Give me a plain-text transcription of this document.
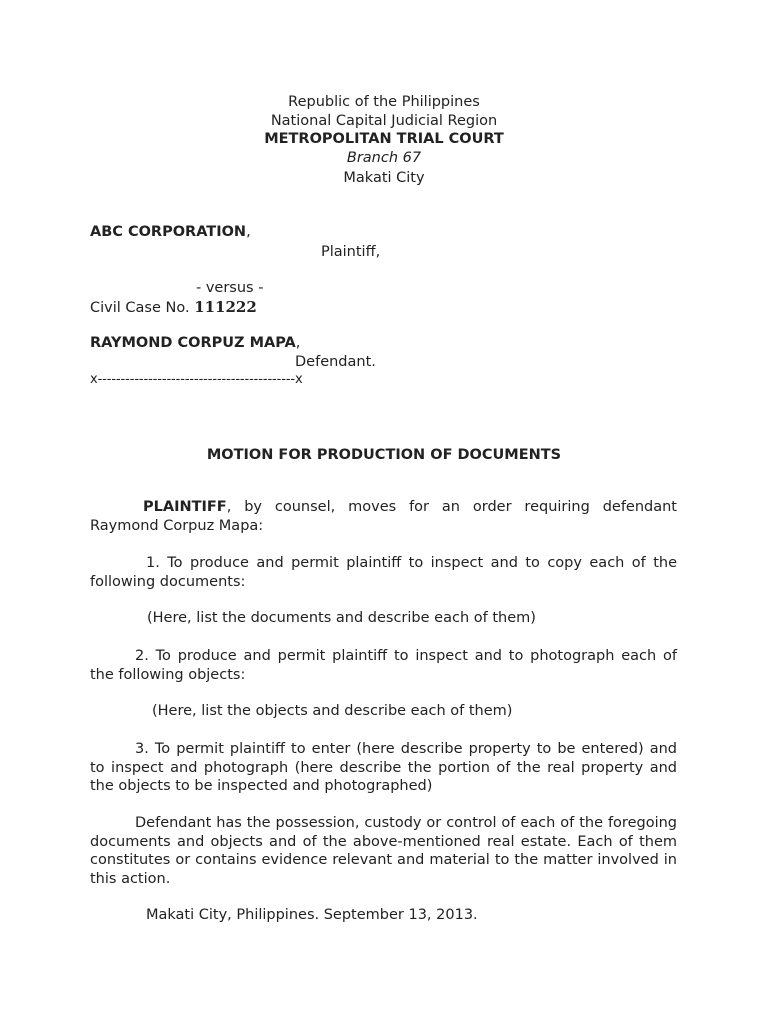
Republic of the Philippines
National Capital Judicial Region
METROPOLITAN TRIAL COURT
Branch 67
Makati City
ABC CORPORATION,
Plaintiff,
- versus -
Civil Case No. 111222
RAYMOND CORPUZ MAPA,
Defendant.
x-------------------------------------------x
MOTION FOR PRODUCTION OF DOCUMENTS
PLAINTIFF, by counsel, moves for an order requiring defendant Raymond Corpuz Mapa:
1. To produce and permit plaintiff to inspect and to copy each of the following documents:
(Here, list the documents and describe each of them)
2. To produce and permit plaintiff to inspect and to photograph each of the following objects:
(Here, list the objects and describe each of them)
3. To permit plaintiff to enter (here describe property to be entered) and to inspect and photograph (here describe the portion of the real property and the objects to be inspected and photographed)
Defendant has the possession, custody or control of each of the foregoing documents and objects and of the above-mentioned real estate. Each of them constitutes or contains evidence relevant and material to the matter involved in this action.
Makati City, Philippines. September 13, 2013.
